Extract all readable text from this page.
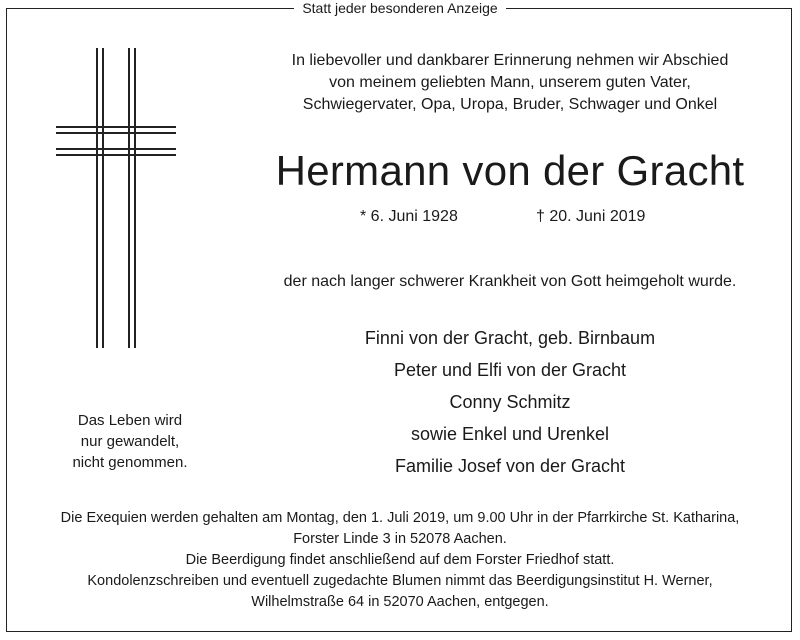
Statt jeder besonderen Anzeige
Das Leben wird
nur gewandelt,
nicht genommen.
In liebevoller und dankbarer Erinnerung nehmen wir Abschied
von meinem geliebten Mann, unserem guten Vater,
Schwiegervater, Opa, Uropa, Bruder, Schwager und Onkel
Hermann von der Gracht
* 6. Juni 1928	† 20. Juni 2019
der nach langer schwerer Krankheit von Gott heimgeholt wurde.
Finni von der Gracht, geb. Birnbaum
Peter und Elfi von der Gracht
Conny Schmitz
sowie Enkel und Urenkel
Familie Josef von der Gracht
Die Exequien werden gehalten am Montag, den 1. Juli 2019, um 9.00 Uhr in der Pfarrkirche St. Katharina,
Forster Linde 3 in 52078 Aachen.
Die Beerdigung findet anschließend auf dem Forster Friedhof statt.
Kondolenzschreiben und eventuell zugedachte Blumen nimmt das Beerdigungsinstitut H. Werner,
Wilhelmstraße 64 in 52070 Aachen, entgegen.
